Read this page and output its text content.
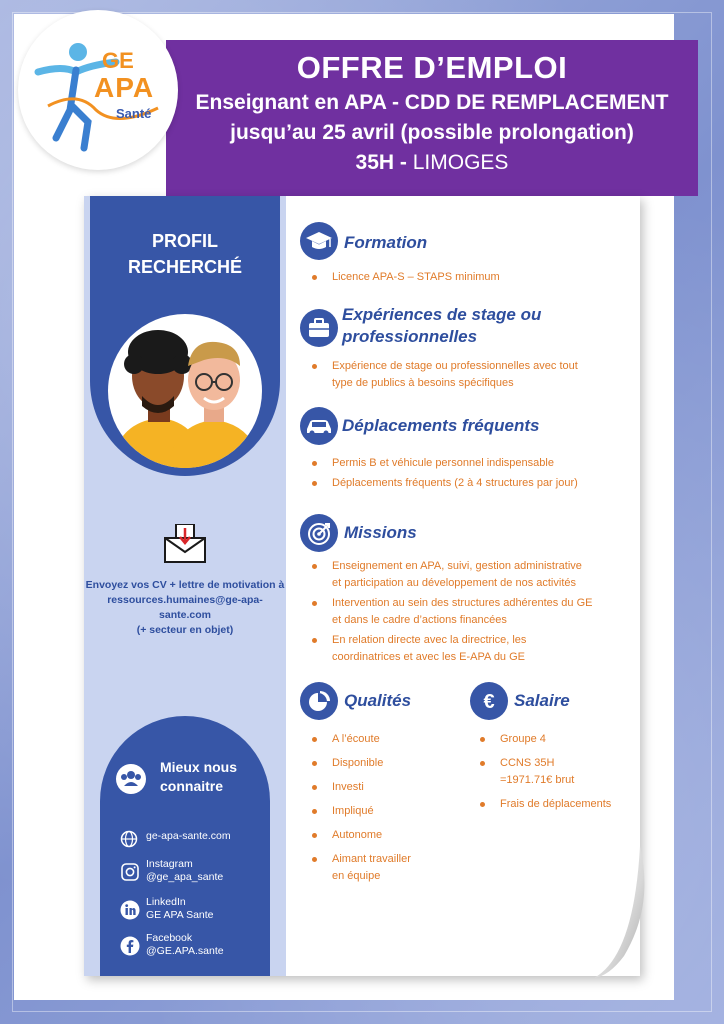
GE
APA
Santé
OFFRE D’EMPLOI
Enseignant en APA - CDD DE REMPLACEMENT
jusqu’au 25 avril (possible prolongation)
35H - LIMOGES
PROFIL
RECHERCHÉ
Envoyez vos CV + lettre de motivation à
ressources.humaines@ge-apa-sante.com
(+ secteur en objet)
Mieux nous
connaitre
ge-apa-sante.com
Instagram
@ge_apa_sante
LinkedIn
GE APA Sante
Facebook
@GE.APA.sante
Formation
Licence APA-S – STAPS minimum
Expériences de stage ou
professionnelles
Expérience de stage ou professionnelles avec tout
type de publics à besoins spécifiques
Déplacements fréquents
Permis B et véhicule personnel indispensable
Déplacements fréquents (2 à 4 structures par jour)
Missions
Enseignement en APA, suivi, gestion administrative
et participation au développement de nos activités
Intervention au sein des structures adhérentes du GE
et dans le cadre d’actions financées
En relation directe avec la directrice, les
coordinatrices et avec les E-APA du GE
Qualités
A l’écoute
Disponible
Investi
Impliqué
Autonome
Aimant travailler
en équipe
€ Salaire
Groupe 4
CCNS 35H
=1971.71€ brut
Frais de déplacements
